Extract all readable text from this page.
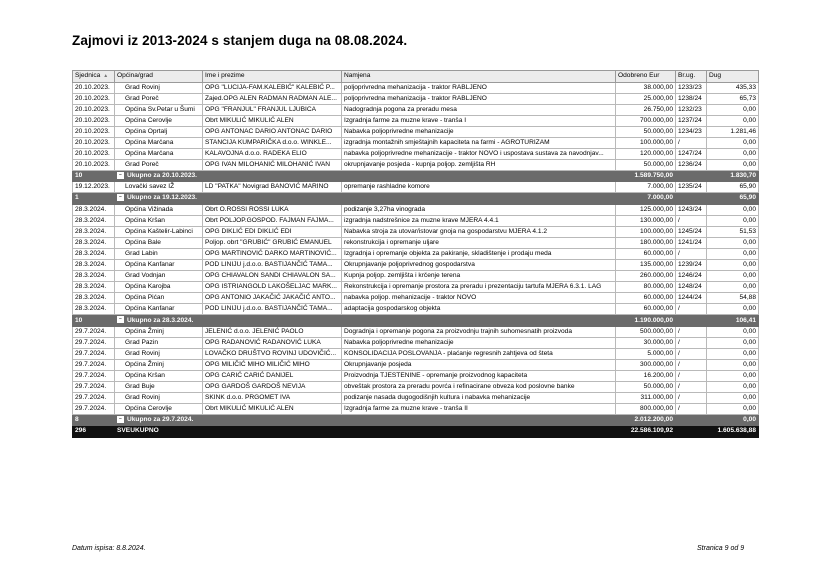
Zajmovi iz 2013-2024 s stanjem duga na 08.08.2024.
Sjednica ▲	Općina/grad	Ime i prezime	Namjena	Odobreno Eur	Br.ug.	Dug
20.10.2023.	Grad Rovinj	OPG "LUCIJA-FAM.KALEBIĆ" KALEBIĆ P...	poljoprivredna mehanizacija - traktor RABLJENO	38.000,00	1233/23	435,33
20.10.2023.	Grad Poreč	Zajed.OPG ALEN RADMAN RADMAN ALE...	poljoprivredna mehanizacija - traktor RABLJENO	25.000,00	1238/24	65,73
20.10.2023.	Općina Sv.Petar u Šumi	OPG "FRANJUL" FRANJUL LJUBICA	Nadogradnja pogona za preradu mesa	26.750,00	1232/23	0,00
20.10.2023.	Općina Cerovlje	Obrt MIKULIĆ MIKULIĆ ALEN	Izgradnja farme za muzne krave - tranša I	700.000,00	1237/24	0,00
20.10.2023.	Općina Oprtalj	OPG ANTONAC DARIO ANTONAC DARIO	Nabavka poljoprivredne mehanizacije	50.000,00	1234/23	1.281,46
20.10.2023.	Općina Marčana	STANCIJA KUMPARIČKA d.o.o. WINKLE...	izgradnja montažnih smještajnih kapaciteta na farmi - AGROTURIZAM	100.000,00	/	0,00
20.10.2023.	Općina Marčana	KALAVOJNA d.o.o. RADEKA ELIO	nabavka poljoprivredne mehanizacije - traktor NOVO i uspostava sustava za navodnjav...	120.000,00	1247/24	0,00
20.10.2023.	Grad Poreč	OPG IVAN MILOHANIĆ MILOHANIĆ IVAN	okrupnjavanje posjeda - kupnja poljop. zemljišta RH	50.000,00	1236/24	0,00
10	− Ukupno za 20.10.2023.			1.589.750,00		1.830,70
19.12.2023.	Lovački savez IŽ	LD "PATKA" Novigrad BANOVIĆ MARINO	opremanje rashladne komore	7.000,00	1235/24	65,90
1	− Ukupno za 19.12.2023.			7.000,00		65,90
28.3.2024.	Općina Vižinada	Obrt O.ROSSI ROSSI LUKA	podizanje 3,27ha vinograda	125.000,00	1243/24	0,00
28.3.2024.	Općina Kršan	Obrt POLJOP.GOSPOD. FAJMAN FAJMA...	izgradnja nadstrešnice za muzne krave MJERA 4.4.1	130.000,00	/	0,00
28.3.2024.	Općina Kaštelir-Labinci	OPG DIKLIĆ EDI DIKLIĆ EDI	Nabavka stroja za utovar/istovar gnoja na gospodarstvu MJERA 4.1.2	100.000,00	1245/24	51,53
28.3.2024.	Općina Bale	Poljop. obrt "GRUBIĆ" GRUBIĆ EMANUEL	rekonstrukcija i opremanje uljare	180.000,00	1241/24	0,00
28.3.2024.	Grad Labin	OPG MARTINOVIĆ DARKO MARTINOVIĆ...	Izgradnja i opremanje objekta za pakiranje, skladištenje i prodaju meda	60.000,00	/	0,00
28.3.2024.	Općina Kanfanar	POD LINIJU j.d.o.o. BASTIJANČIĆ TAMA...	Okrupnjavanje poljoprivrednog gospodarstva	135.000,00	1239/24	0,00
28.3.2024.	Grad Vodnjan	OPG CHIAVALON SANDI CHIAVALON SA...	Kupnja poljop. zemljišta i krčenje terena	260.000,00	1246/24	0,00
28.3.2024.	Općina Karojba	OPG ISTRIANGOLD LAKOŠELJAC MARK...	Rekonstrukcija i opremanje prostora za preradu i prezentaciju tartufa MJERA 6.3.1. LAG	80.000,00	1248/24	0,00
28.3.2024.	Općina Pićan	OPG ANTONIO JAKAČIĆ JAKAČIĆ ANTO...	nabavka poljop. mehanizacije - traktor NOVO	60.000,00	1244/24	54,88
28.3.2024.	Općina Kanfanar	POD LINIJU j.d.o.o. BASTIJANČIĆ TAMA...	adaptacija gospodarskog objekta	60.000,00	/	0,00
10	− Ukupno za 28.3.2024.			1.190.000,00		106,41
29.7.2024.	Općina Žminj	JELENIĆ d.o.o. JELENIĆ PAOLO	Dogradnja i opremanje pogona za proizvodnju trajnih suhomesnatih proizvoda	500.000,00	/	0,00
29.7.2024.	Grad Pazin	OPG RADANOVIĆ RADANOVIĆ LUKA	Nabavka poljoprivredne mehanizacije	30.000,00	/	0,00
29.7.2024.	Grad Rovinj	LOVAČKO DRUŠTVO ROVINJ UDOVIČIĆ...	KONSOLIDACIJA POSLOVANJA - plaćanje regresnih zahtjeva od šteta	5.000,00	/	0,00
29.7.2024.	Općina Žminj	OPG MILIČIĆ MIHO MILIČIĆ MIHO	Okrupnjavanje posjeda	300.000,00	/	0,00
29.7.2024.	Općina Kršan	OPG CARIĆ CARIĆ DANIJEL	Proizvodnja TJESTENINE - opremanje proizvodnog kapaciteta	16.200,00	/	0,00
29.7.2024.	Grad Buje	OPG GARDOŠ GARDOŠ NEVIJA	obveštak prostora za preradu povrća i refinacirane obveza kod poslovne banke	50.000,00	/	0,00
29.7.2024.	Grad Rovinj	SKINK d.o.o. PRGOMET IVA	podizanje nasada dugogodišnjih kultura i nabavka mehanizacije	311.000,00	/	0,00
29.7.2024.	Općina Cerovlje	Obrt MIKULIĆ MIKULIĆ ALEN	Izgradnja farme za muzne krave - tranša II	800.000,00	/	0,00
8	− Ukupno za 29.7.2024.			2.012.200,00		0,00
296	SVEUKUPNO			22.586.109,92		1.605.638,88
Datum ispisa: 8.8.2024.	Stranica 9 od 9
